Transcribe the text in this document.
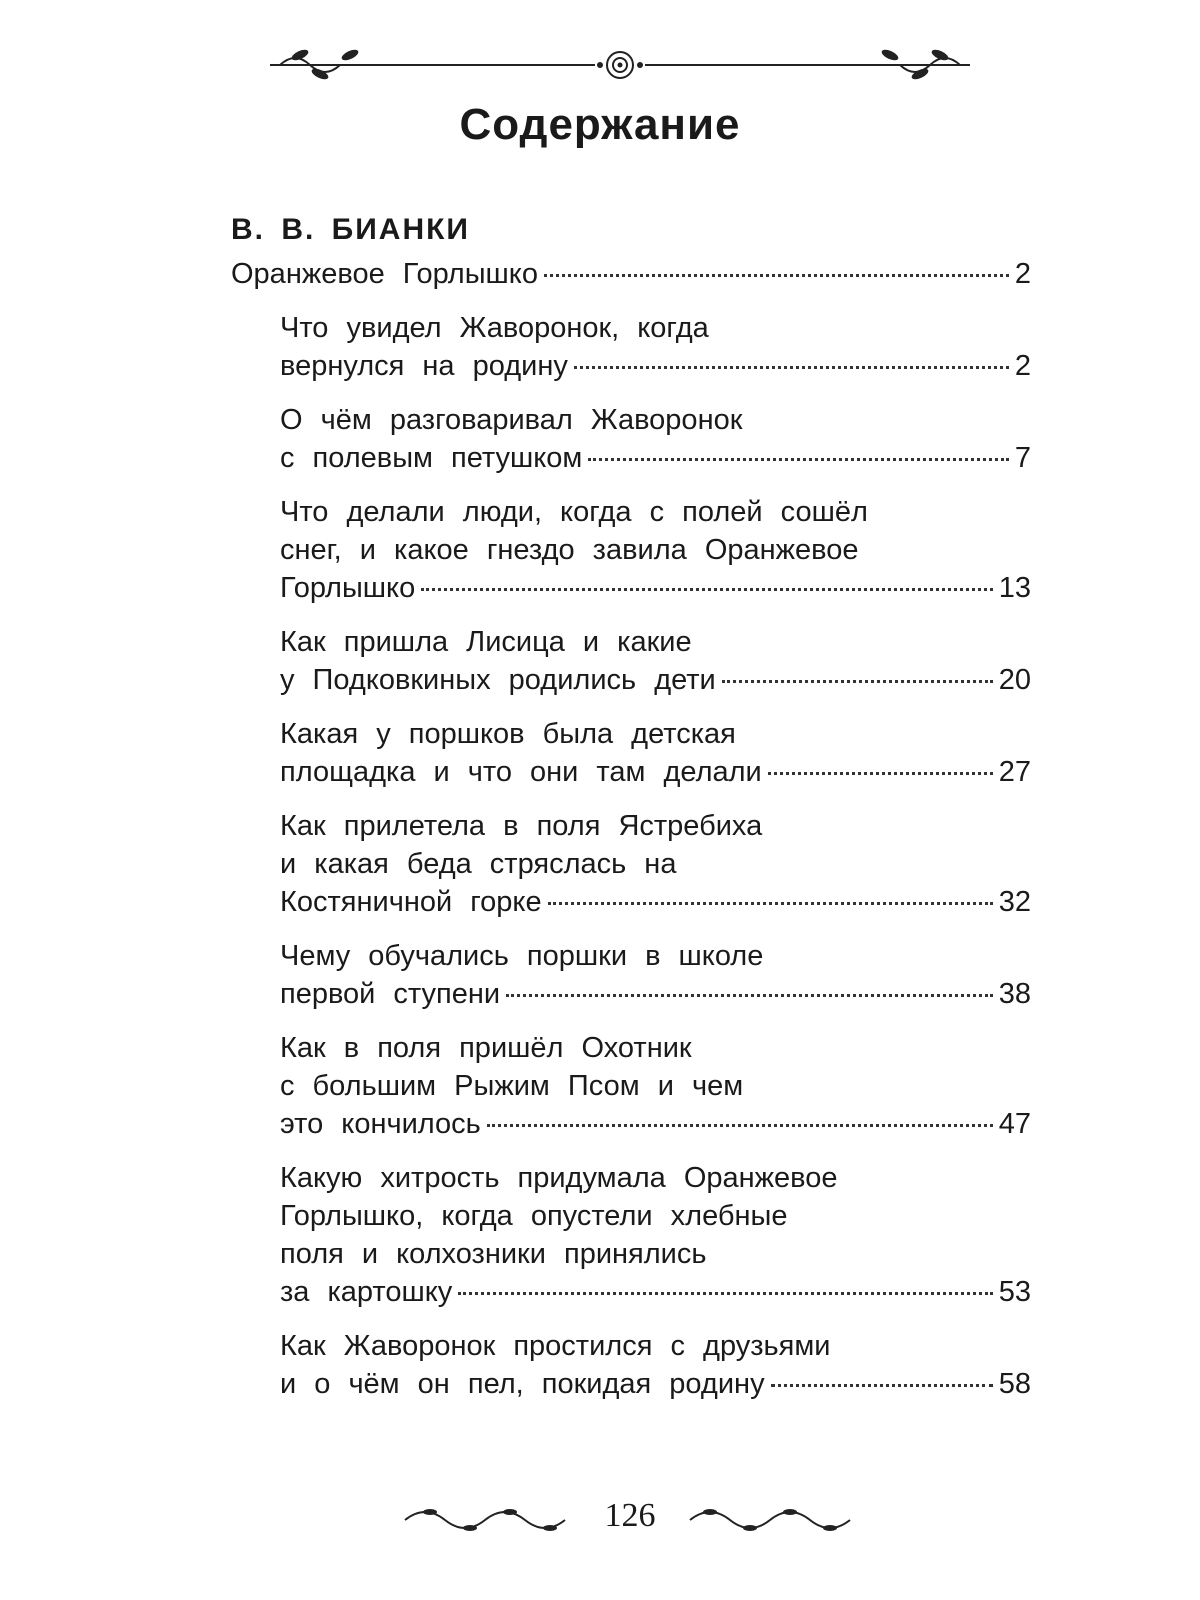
Содержание
В. В. БИАНКИ
Оранжевое Горлышко	2
Что увидел Жаворонок, когда
вернулся на родину	2
О чём разговаривал Жаворонок
с полевым петушком	7
Что делали люди, когда с полей сошёл
снег, и какое гнездо завила Оранжевое
Горлышко	13
Как пришла Лисица и какие
у Подковкиных родились дети	20
Какая у поршков была детская
площадка и что они там делали	27
Как прилетела в поля Ястребиха
и какая беда стряслась на
Костяничной горке	32
Чему обучались поршки в школе
первой ступени	38
Как в поля пришёл Охотник
с большим Рыжим Псом и чем
это кончилось	47
Какую хитрость придумала Оранжевое
Горлышко, когда опустели хлебные
поля и колхозники принялись
за картошку	53
Как Жаворонок простился с друзьями
и о чём он пел, покидая родину	58
126
